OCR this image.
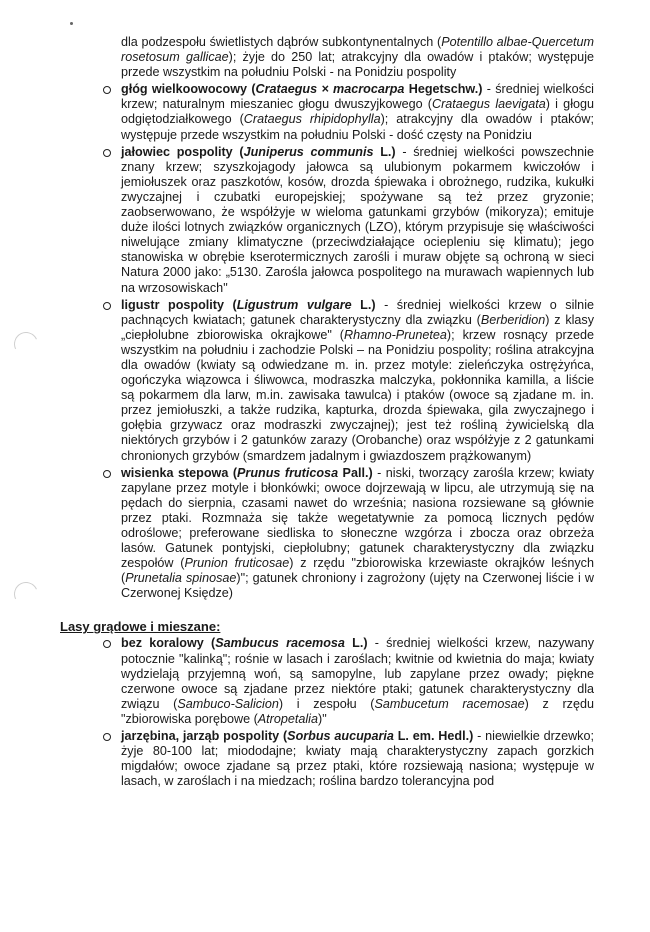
dla podzespołu świetlistych dąbrów subkontynentalnych (Potentillo albae-Quercetum rosetosum gallicae); żyje do 250 lat; atrakcyjny dla owadów i ptaków; występuje przede wszystkim na południu Polski - na Ponidziu pospolity

głóg wielkoowocowy (Crataegus × macrocarpa Hegetschw.) - średniej wielkości krzew; naturalnym mieszaniec głogu dwuszyjkowego (Crataegus laevigata) i głogu odgiętodziałkowego (Crataegus rhipidophylla); atrakcyjny dla owadów i ptaków; występuje przede wszystkim na południu Polski - dość częsty na Ponidziu

jałowiec pospolity (Juniperus communis L.) - średniej wielkości powszechnie znany krzew; szyszkojagody jałowca są ulubionym pokarmem kwiczołów i jemiołuszek oraz paszkotów, kosów, drozda śpiewaka i obrożnego, rudzika, kukułki zwyczajnej i czubatki europejskiej; spożywane są też przez gryzonie; zaobserwowano, że współżyje w wieloma gatunkami grzybów (mikoryza); emituje duże ilości lotnych związków organicznych (LZO), którym przypisuje się właściwości niwelujące zmiany klimatyczne (przeciwdziałające ociepleniu się klimatu); jego stanowiska w obrębie kserotermicznych zarośli i muraw objęte są ochroną w sieci Natura 2000 jako: „5130. Zarośla jałowca pospolitego na murawach wapiennych lub na wrzosowiskach"

ligustr pospolity (Ligustrum vulgare L.) - średniej wielkości krzew o silnie pachnących kwiatach; gatunek charakterystyczny dla związku (Berberidion) z klasy „ciepłolubne zbiorowiska okrajkowe" (Rhamno-Prunetea); krzew rosnący przede wszystkim na południu i zachodzie Polski – na Ponidziu pospolity; roślina atrakcyjna dla owadów (kwiaty są odwiedzane m. in. przez motyle: zieleńczyka ostrężyńca, ogończyka wiązowca i śliwowca, modraszka malczyka, pokłonnika kamilla, a liście są pokarmem dla larw, m.in. zawisaka tawulca) i ptaków (owoce są zjadane m. in. przez jemiołuszki, a także rudzika, kapturka, drozda śpiewaka, gila zwyczajnego i gołębia grzywacz oraz modraszki zwyczajnej); jest też rośliną żywicielską dla niektórych grzybów i 2 gatunków zarazy (Orobanche) oraz współżyje z 2 gatunkami chronionych grzybów (smardzem jadalnym i gwiazdoszem prążkowanym)

wisienka stepowa (Prunus fruticosa Pall.) - niski, tworzący zarośla krzew; kwiaty zapylane przez motyle i błonkówki; owoce dojrzewają w lipcu, ale utrzymują się na pędach do sierpnia, czasami nawet do września; nasiona rozsiewane są głównie przez ptaki. Rozmnaża się także wegetatywnie za pomocą licznych pędów odroślowe; preferowane siedliska to słoneczne wzgórza i zbocza oraz obrzeża lasów. Gatunek pontyjski, ciepłolubny; gatunek charakterystyczny dla związku zespołów (Prunion fruticosae) z rzędu "zbiorowiska krzewiaste okrajków leśnych (Prunetalia spinosae)"; gatunek chroniony i zagrożony (ujęty na Czerwonej liście i w Czerwonej Księdze)

Lasy grądowe i mieszane:

bez koralowy (Sambucus racemosa L.) - średniej wielkości krzew, nazywany potocznie "kalinką"; rośnie w lasach i zaroślach; kwitnie od kwietnia do maja; kwiaty wydzielają przyjemną woń, są samopylne, lub zapylane przez owady; piękne czerwone owoce są zjadane przez niektóre ptaki; gatunek charakterystyczny dla związu (Sambuco-Salicion) i zespołu (Sambucetum racemosae) z rzędu "zbiorowiska porębowe (Atropetalia)"

jarzębina, jarząb pospolity (Sorbus aucuparia L. em. Hedl.) - niewielkie drzewko; żyje 80-100 lat; miododajne; kwiaty mają charakterystyczny zapach gorzkich migdałów; owoce zjadane są przez ptaki, które rozsiewają nasiona; występuje w lasach, w zaroślach i na miedzach; roślina bardzo tolerancyjna pod
